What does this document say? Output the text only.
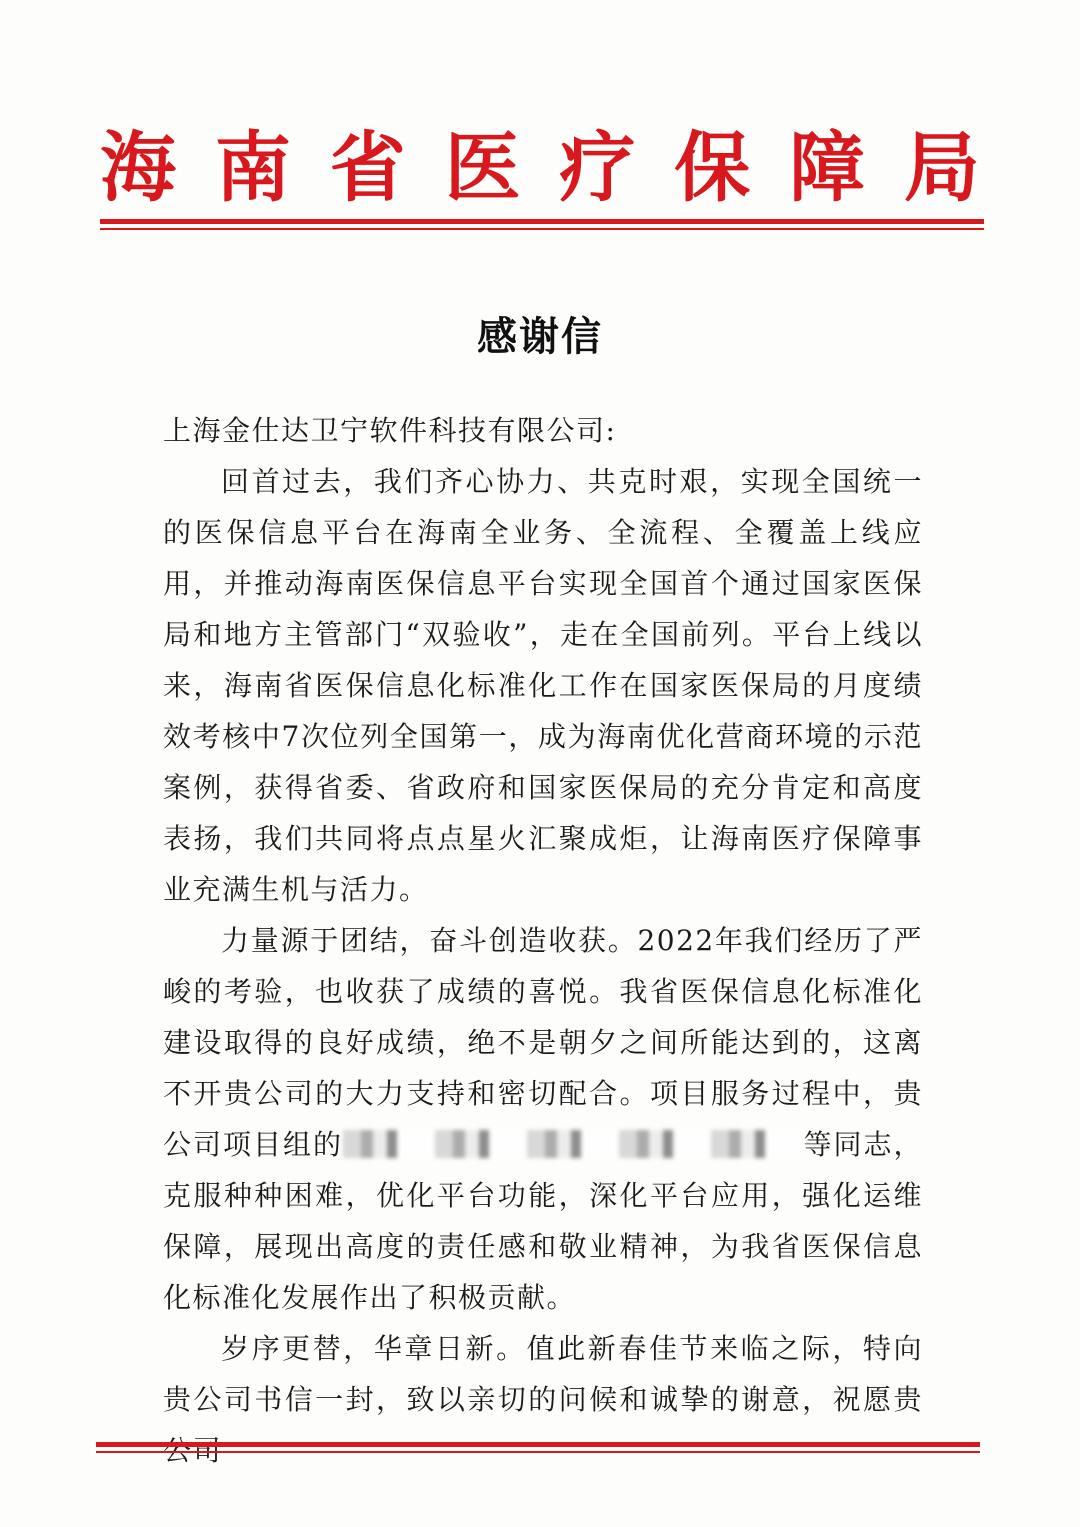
海 南 省 医 疗 保 障 局
感谢信

上海金仕达卫宁软件科技有限公司:

回首过去，我们齐心协力、共克时艰，实现全国统一的医保信息平台在海南全业务、全流程、全覆盖上线应用，并推动海南医保信息平台实现全国首个通过国家医保局和地方主管部门“双验收”，走在全国前列。平台上线以来，海南省医保信息化标准化工作在国家医保局的月度绩效考核中7次位列全国第一，成为海南优化营商环境的示范案例，获得省委、省政府和国家医保局的充分肯定和高度表扬，我们共同将点点星火汇聚成炬，让海南医疗保障事业充满生机与活力。

力量源于团结，奋斗创造收获。2022年我们经历了严峻的考验，也收获了成绩的喜悦。我省医保信息化标准化建设取得的良好成绩，绝不是朝夕之间所能达到的，这离不开贵公司的大力支持和密切配合。项目服务过程中，贵公司项目组的	等同志，克服种种困难，优化平台功能，深化平台应用，强化运维保障，展现出高度的责任感和敬业精神，为我省医保信息化标准化发展作出了积极贡献。

岁序更替，华章日新。值此新春佳节来临之际，特向贵公司书信一封，致以亲切的问候和诚挚的谢意，祝愿贵
